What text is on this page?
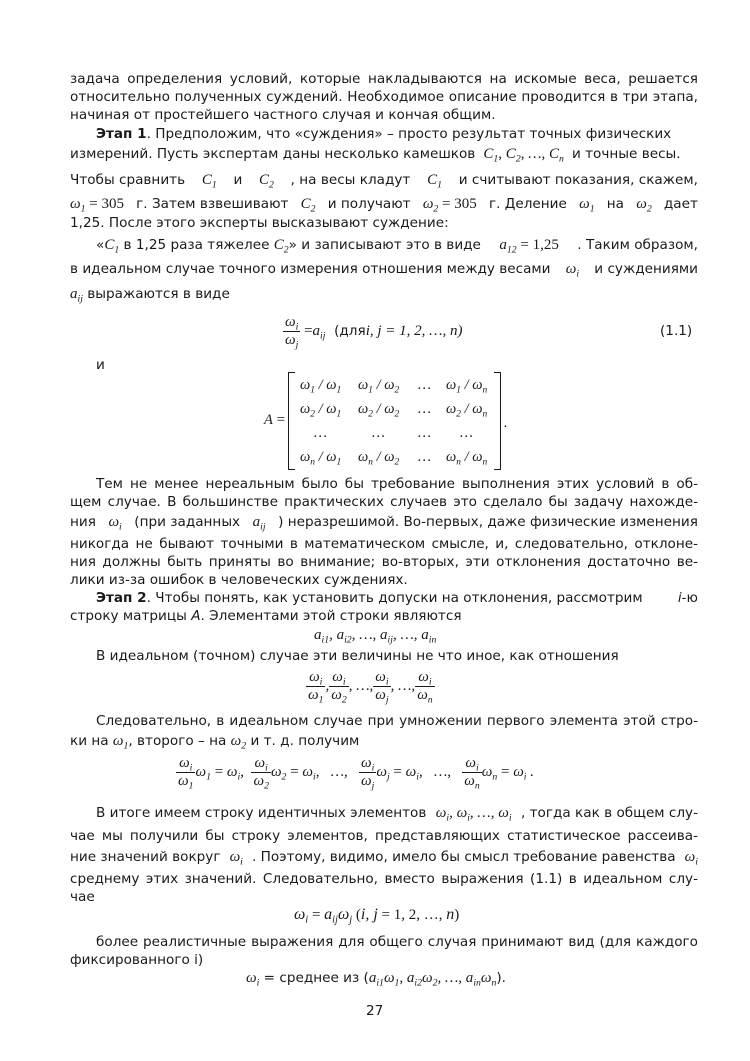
задача определения условий, которые накладываются на искомые веса, решается
относительно полученных суждений. Необходимое описание проводится в три этапа,
начиная от простейшего частного случая и кончая общим.
Этап 1. Предположим, что «суждения» – просто результат точных физических
измерений. Пусть экспертам даны несколько камешков  $C_1$, $C_2$, …, $C_n$ и точные весы.
Чтобы сравнить $C_1$ и $C_2$ , на весы кладут $C_1$ и считывают показания, скажем,
$\omega_1 = 305$ г. Затем взвешивают $C_2$ и получают $\omega_2 = 305$ г. Деление $\omega_1$ на $\omega_2$ дает
1,25. После этого эксперты высказывают суждение:
«$C_1$ в 1,25 раза тяжелее $C_2$» и записывают это в виде $a_{12} = 1,25$ . Таким образом,
в идеальном случае точного измерения отношения между весами $\omega_i$ и суждениями
$a_{ij}$ выражаются в виде
$\frac{\omega_i}{\omega_j} = a_{ij}$ (для i, j = 1, 2, …, n)	(1.1)
и
A =
$\omega_1 / \omega_1$ $\omega_1 / \omega_2$ … $\omega_1 / \omega_n$
$\omega_2 / \omega_1$ $\omega_2 / \omega_2$ … $\omega_2 / \omega_n$
…	… … …
$\omega_n / \omega_1$ $\omega_n / \omega_2$ … $\omega_n / \omega_n$
.
Тем не менее нереальным было бы требование выполнения этих условий в об-
щем случае. В большинстве практических случаев это сделало бы задачу нахожде-
ния $\omega_i$ (при заданных $a_{ij}$ ) неразрешимой. Во-первых, даже физические изменения
никогда не бывают точными в математическом смысле, и, следовательно, отклоне-
ния должны быть приняты во внимание; во-вторых, эти отклонения достаточно ве-
лики из-за ошибок в человеческих суждениях.
Этап 2. Чтобы понять, как установить допуски на отклонения, рассмотрим	i-ю
строку матрицы A. Элементами этой строки являются
$a_{i1}$, $a_{i2}$, …, $a_{ij}$, …, $a_{in}$
В идеальном (точном) случае эти величины не что иное, как отношения
$\frac{\omega_i}{\omega_1}$ , $\frac{\omega_i}{\omega_2}$ , …, $\frac{\omega_i}{\omega_j}$ , …, $\frac{\omega_i}{\omega_n}$
Следовательно, в идеальном случае при умножении первого элемента этой стро-
ки на $\omega_1$, второго – на $\omega_2$ и т. д. получим
$\frac{\omega_i}{\omega_1} \omega_1 = \omega_i$, $\frac{\omega_i}{\omega_2} \omega_2 = \omega_i$,   …, $\frac{\omega_i}{\omega_j} \omega_j = \omega_i$,   …, $\frac{\omega_i}{\omega_n} \omega_n = \omega_i$ .
В итоге имеем строку идентичных элементов $\omega_i$, $\omega_i$, …, $\omega_i$ , тогда как в общем слу-
чае мы получили бы строку элементов, представляющих статистическое рассеива-
ние значений вокруг $\omega_i$ . Поэтому, видимо, имело бы смысл требование равенства $\omega_i$
среднему этих значений. Следовательно, вместо выражения (1.1) в идеальном слу-
чае
$\omega_i = a_{ij}\omega_j$ (i, j = 1, 2, …, n)
более реалистичные выражения для общего случая принимают вид (для каждого
фиксированного i)
$\omega_i$ = среднее из ($a_{i1}\omega_1$, $a_{i2}\omega_2$, …, $a_{in}\omega_n$).
27
